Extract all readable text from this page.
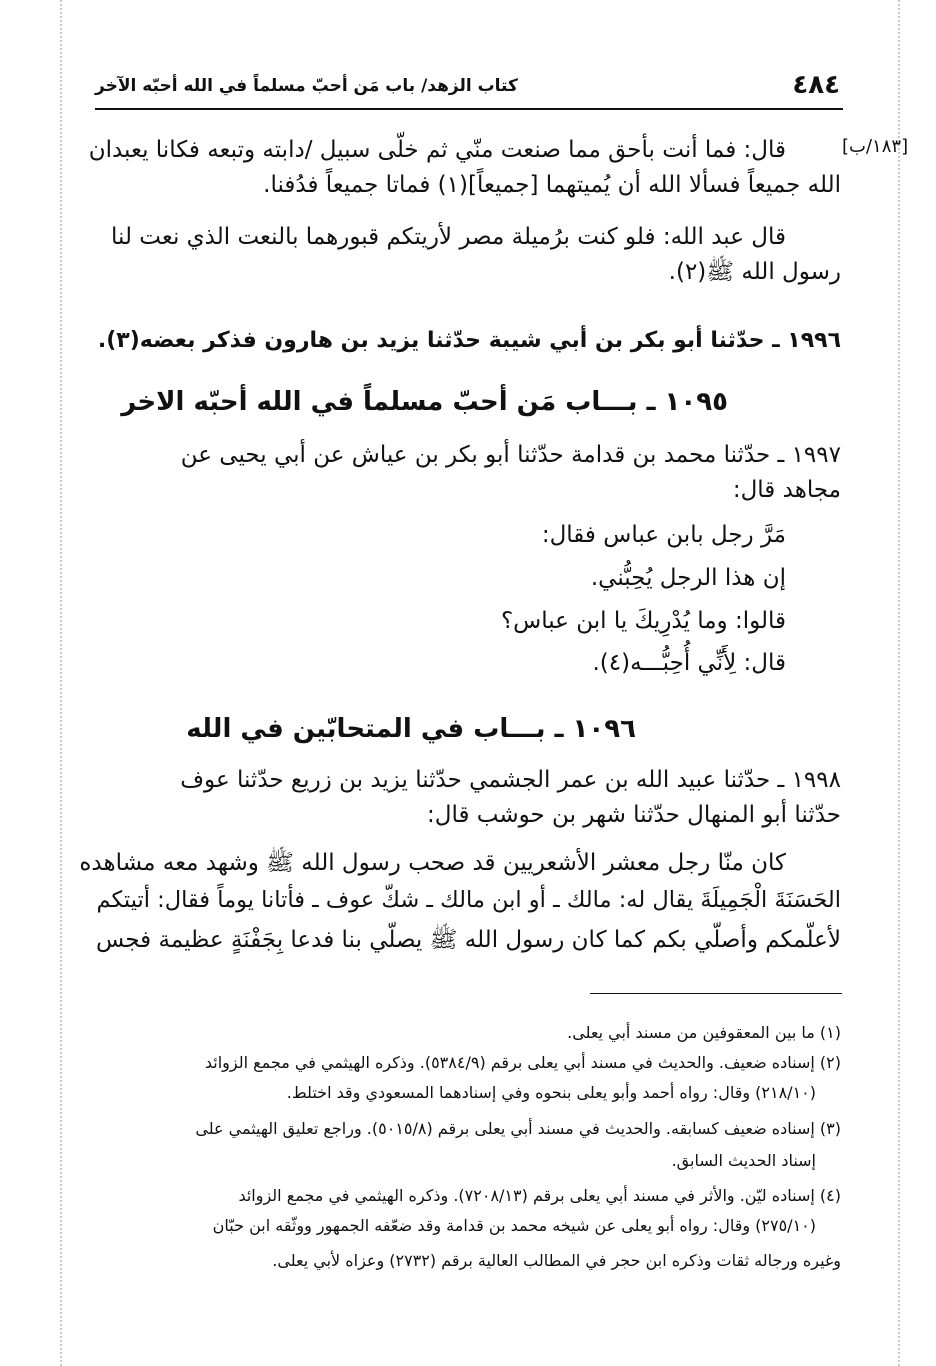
٤٨٤
كتاب الزهد/ باب مَن أحبّ مسلماً في الله أحبّه الآخر
[١٨٣/ب]
قال: فما أنت بأحق مما صنعت منّي ثم خلّى سبيل /دابته وتبعه فكانا يعبدان
الله جميعاً فسألا الله أن يُميتهما [جميعاً](١) فماتا جميعاً فدُفنا.
قال عبد الله: فلو كنت برُميلة مصر لأريتكم قبورهما بالنعت الذي نعت لنا
رسول الله ﷺ(٢).
١٩٩٦ ـ حدّثنا أبو بكر بن أبي شيبة حدّثنا يزيد بن هارون فذكر بعضه(٣).
١٠٩٥ ـ بـــاب مَن أحبّ مسلماً في الله أحبّه الاخر
١٩٩٧ ـ حدّثنا محمد بن قدامة حدّثنا أبو بكر بن عياش عن أبي يحيى عن
مجاهد قال:
مَرَّ رجل بابن عباس فقال:
إن هذا الرجل يُحِبُّني.
قالوا: وما يُدْرِيكَ يا ابن عباس؟
قال: لِأَنِّي أُحِبُّـــه(٤).
١٠٩٦ ـ بـــاب في المتحابّين في الله
١٩٩٨ ـ حدّثنا عبيد الله بن عمر الجشمي حدّثنا يزيد بن زريع حدّثنا عوف
حدّثنا أبو المنهال حدّثنا شهر بن حوشب قال:
كان منّا رجل معشر الأشعريين قد صحب رسول الله ﷺ وشهد معه مشاهده
الحَسَنَةَ الْجَمِيلَةَ يقال له: مالك ـ أو ابن مالك ـ شكّ عوف ـ فأتانا يوماً فقال: أتيتكم
لأعلّمكم وأصلّي بكم كما كان رسول الله ﷺ يصلّي بنا فدعا بِجَفْنَةٍ عظيمة فجس
(١) ما بين المعقوفين من مسند أبي يعلى.
(٢) إسناده ضعيف. والحديث في مسند أبي يعلى برقم (٥٣٨٤/٩). وذكره الهيثمي في مجمع الزوائد
(٢١٨/١٠) وقال: رواه أحمد وأبو يعلى بنحوه وفي إسنادهما المسعودي وقد اختلط.
(٣) إسناده ضعيف كسابقه. والحديث في مسند أبي يعلى برقم (٥٠١٥/٨). وراجع تعليق الهيثمي على
إسناد الحديث السابق.
(٤) إسناده ليّن. والأثر في مسند أبي يعلى برقم (٧٢٠٨/١٣). وذكره الهيثمي في مجمع الزوائد
(٢٧٥/١٠) وقال: رواه أبو يعلى عن شيخه محمد بن قدامة وقد ضعّفه الجمهور ووثّقه ابن حبّان
وغيره ورجاله ثقات وذكره ابن حجر في المطالب العالية برقم (٢٧٣٢) وعزاه لأبي يعلى.
